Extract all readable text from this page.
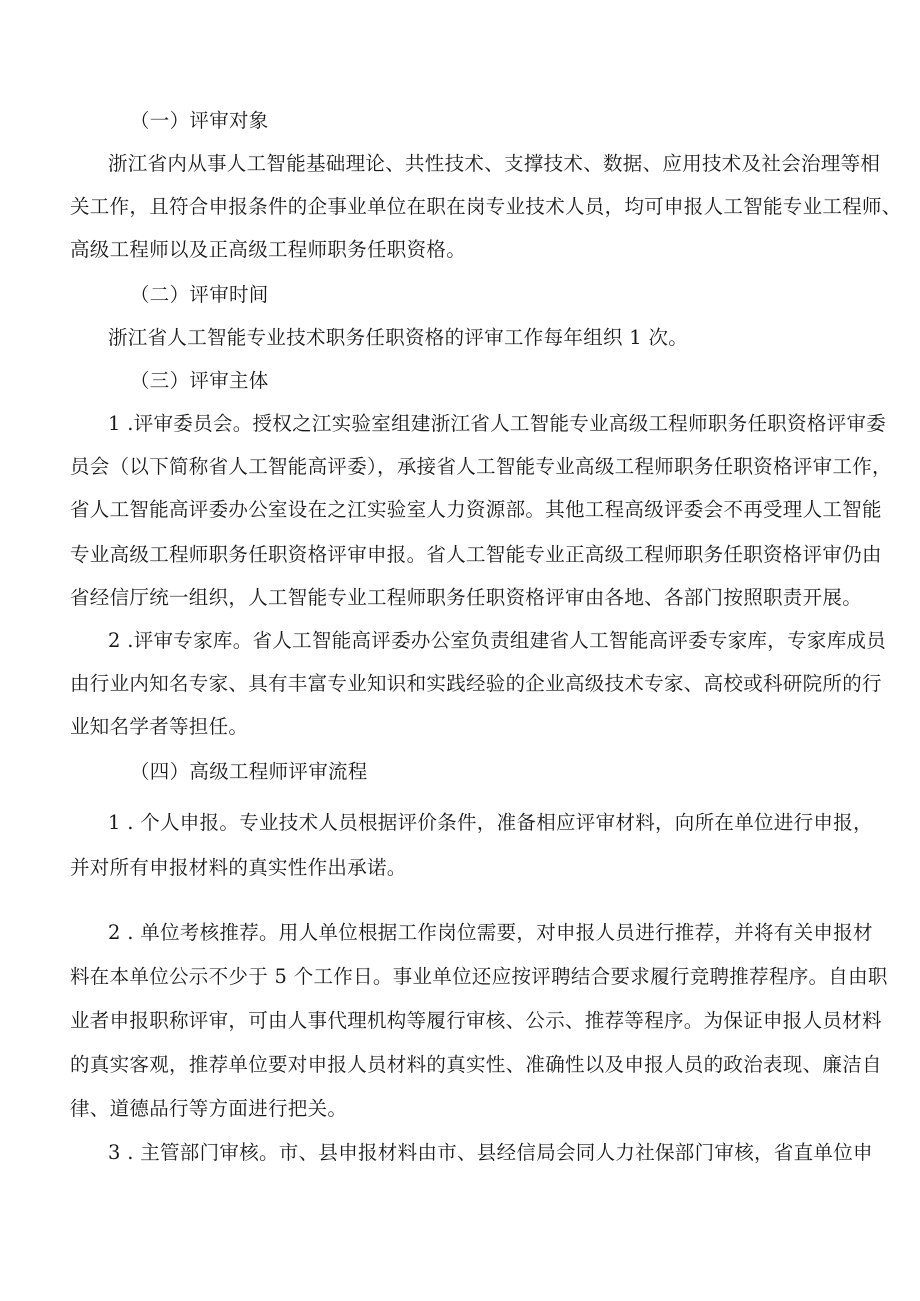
（一）评审对象
浙江省内从事人工智能基础理论、共性技术、支撑技术、数据、应用技术及社会治理等相
关工作，且符合申报条件的企事业单位在职在岗专业技术人员，均可申报人工智能专业工程师、
高级工程师以及正高级工程师职务任职资格。
（二）评审时间
浙江省人工智能专业技术职务任职资格的评审工作每年组织 1 次。
（三）评审主体
1 .评审委员会。授权之江实验室组建浙江省人工智能专业高级工程师职务任职资格评审委
员会（以下简称省人工智能高评委），承接省人工智能专业高级工程师职务任职资格评审工作，
省人工智能高评委办公室设在之江实验室人力资源部。其他工程高级评委会不再受理人工智能
专业高级工程师职务任职资格评审申报。省人工智能专业正高级工程师职务任职资格评审仍由
省经信厅统一组织，人工智能专业工程师职务任职资格评审由各地、各部门按照职责开展。
2 .评审专家库。省人工智能高评委办公室负责组建省人工智能高评委专家库，专家库成员
由行业内知名专家、具有丰富专业知识和实践经验的企业高级技术专家、高校或科研院所的行
业知名学者等担任。
（四）高级工程师评审流程
1 . 个人申报。专业技术人员根据评价条件，准备相应评审材料，向所在单位进行申报，
并对所有申报材料的真实性作出承诺。
2 . 单位考核推荐。用人单位根据工作岗位需要，对申报人员进行推荐，并将有关申报材
料在本单位公示不少于 5 个工作日。事业单位还应按评聘结合要求履行竞聘推荐程序。自由职
业者申报职称评审，可由人事代理机构等履行审核、公示、推荐等程序。为保证申报人员材料
的真实客观，推荐单位要对申报人员材料的真实性、准确性以及申报人员的政治表现、廉洁自
律、道德品行等方面进行把关。
3 . 主管部门审核。市、县申报材料由市、县经信局会同人力社保部门审核，省直单位申
